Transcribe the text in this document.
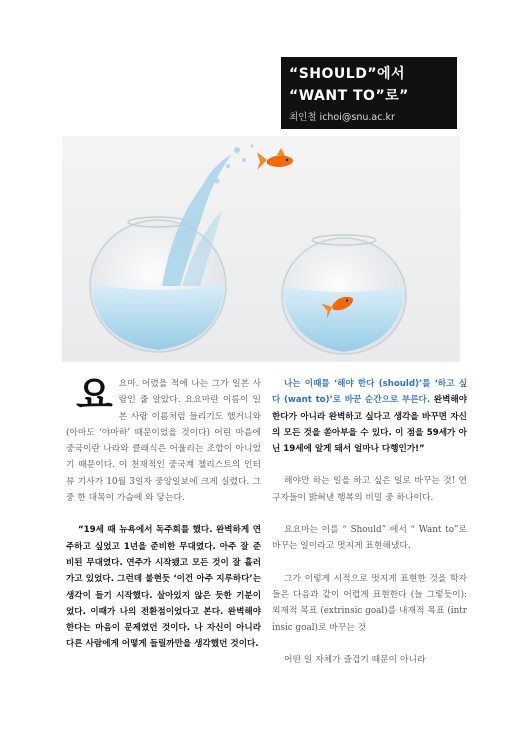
“SHOULD”에서
“WANT TO”로”
최인철 ichoi@snu.ac.kr

요요마. 어렸을 적에 나는 그가 일본 사람인 줄 알았다. 요요마란 이름이 일본 사람 이름처럼 들리기도 했거니와 (아마도 ‘야마하’ 때문이었을 것이다) 어린 마음에 중국이란 나라와 클래식은 어울리는 조합이 아니었기 때문이다. 이 천재적인 중국계 첼리스트의 인터뷰 기사가 10월 3일자 중앙일보에 크게 실렸다. 그 중 한 대목이 가슴에 와 닿는다.

“19세 때 뉴욕에서 독주회를 했다. 완벽하게 연주하고 싶었고 1년을 준비한 무대였다. 아주 잘 준비된 무대였다. 연주가 시작됐고 모든 것이 잘 흘러가고 있었다. 그런데 불현듯 ‘이건 아주 지루하다’는 생각이 들기 시작했다. 살아있지 않은 듯한 기분이었다. 이때가 나의 전환점이었다고 본다. 완벽해야 한다는 마음이 문제였던 것이다. 나 자신이 아니라 다른 사람에게 어떻게 들릴까만을 생각했던 것이다.

나는 이때를 ‘해야 한다 (should)’를 ‘하고 싶다 (want to)’로 바꾼 순간으로 부른다. 완벽해야 한다가 아니라 완벽하고 싶다고 생각을 바꾸면 자신의 모든 것을 쏟아부을 수 있다. 이 점을 59세가 아닌 19세에 알게 돼서 얼마나 다행인가!”

해야만 하는 일을 하고 싶은 일로 바꾸는 것! 연구자들이 밝혀낸 행복의 비밀 중 하나이다.

요요마는 이를 “ Should” 에서 “ Want to”로 바꾸는 일이라고 멋지게 표현해냈다.

그가 이렇게 시적으로 멋지게 표현한 것을 학자들은 다음과 같이 어렵게 표현한다 (늘 그렇듯이): 외재적 목표 (extrinsic goal)를 내재적 목표 (intrinsic goal)로 바꾸는 것

어떤 일 자체가 즐겁기 때문이 아니라
